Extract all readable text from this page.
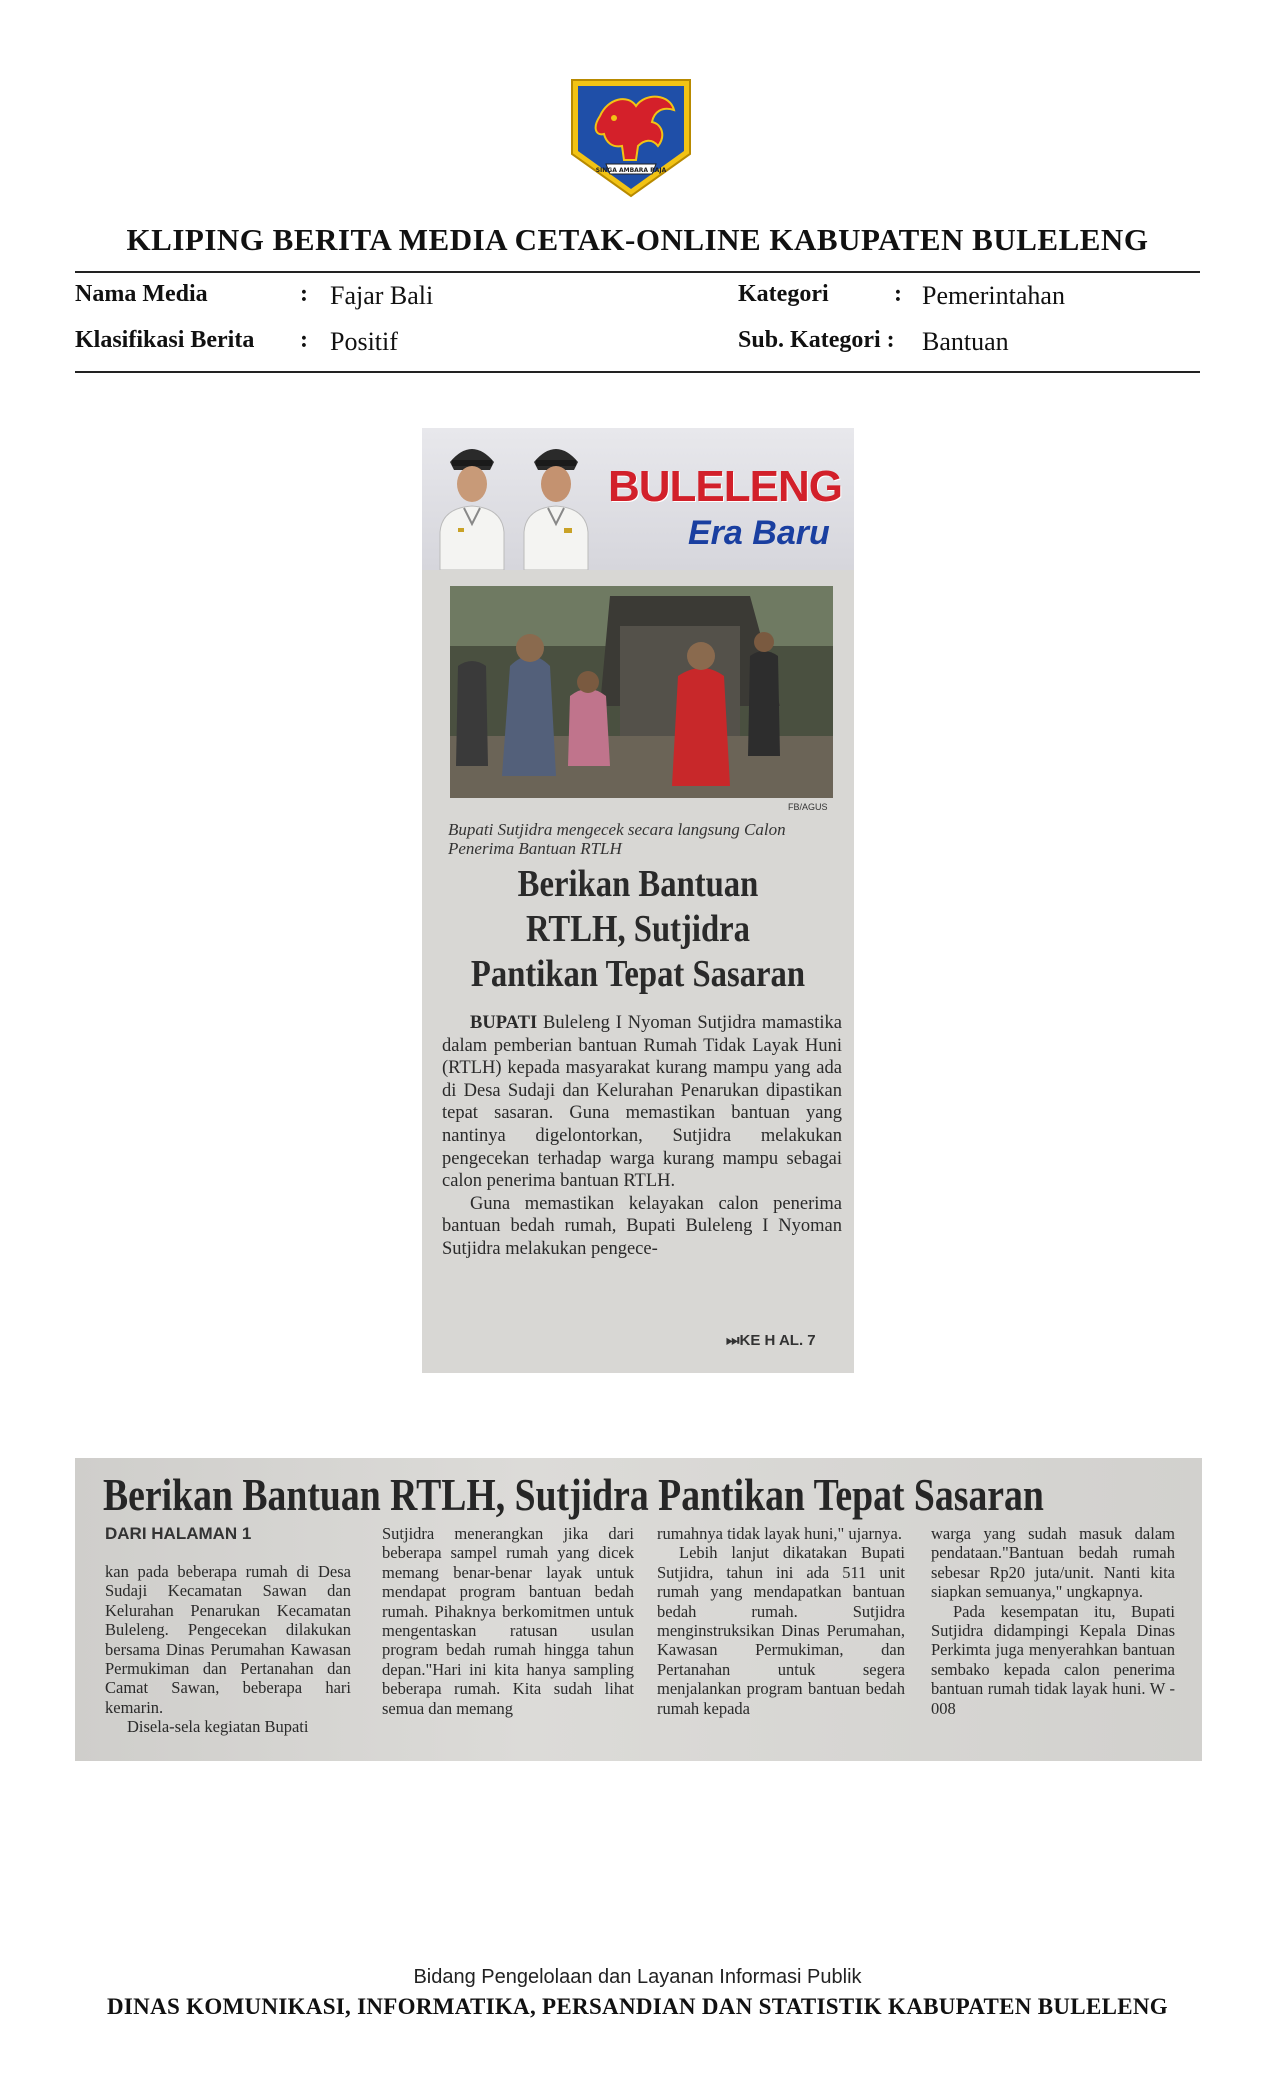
SINGA AMBARA RAJA
KLIPING BERITA MEDIA CETAK-ONLINE KABUPATEN BULELENG
Nama Media	: Fajar Bali	Kategori	: Pemerintahan
Klasifikasi Berita : Positif	Sub. Kategori : Bantuan
BULELENG
Era Baru
FB/AGUS
Bupati Sutjidra mengecek secara langsung Calon Penerima Bantuan RTLH
Berikan Bantuan RTLH, Sutjidra Pantikan Tepat Sasaran

BUPATI Buleleng I Nyoman Sutjidra mamastika dalam pemberian bantuan Rumah Tidak Layak Huni (RTLH) kepada masyarakat kurang mampu yang ada di Desa Sudaji dan Kelurahan Penarukan dipastikan tepat sasaran. Guna memastikan bantuan yang nantinya digelontorkan, Sutjidra melakukan pengecekan terhadap warga kurang mampu sebagai calon penerima bantuan RTLH.

Guna memastikan kelayakan calon penerima bantuan bedah rumah, Bupati Buleleng I Nyoman Sutjidra melakukan pengece-

⏭KE H AL. 7
Berikan Bantuan RTLH, Sutjidra Pantikan Tepat Sasaran
DARI HALAMAN 1

kan pada beberapa rumah di Desa Sudaji Kecamatan Sawan dan Kelurahan Penarukan Kecamatan Buleleng. Pengecekan dilakukan bersama Dinas Perumahan Kawasan Permukiman dan Pertanahan dan Camat Sawan, beberapa hari kemarin.

Disela-sela kegiatan Bupati

Sutjidra menerangkan jika dari beberapa sampel rumah yang dicek memang benar-benar layak untuk mendapat program bantuan bedah rumah. Pihaknya berkomitmen untuk mengentaskan ratusan usulan program bedah rumah hingga tahun depan."Hari ini kita hanya sampling beberapa rumah. Kita sudah lihat semua dan memang

rumahnya tidak layak huni," ujarnya.

Lebih lanjut dikatakan Bupati Sutjidra, tahun ini ada 511 unit rumah yang mendapatkan bantuan bedah rumah. Sutjidra menginstruksikan Dinas Perumahan, Kawasan Permukiman, dan Pertanahan untuk segera menjalankan program bantuan bedah rumah kepada

warga yang sudah masuk dalam pendataan."Bantuan bedah rumah sebesar Rp20 juta/unit. Nanti kita siapkan semuanya," ungkapnya.

Pada kesempatan itu, Bupati Sutjidra didampingi Kepala Dinas Perkimta juga menyerahkan bantuan sembako kepada calon penerima bantuan rumah tidak layak huni. W - 008

Bidang Pengelolaan dan Layanan Informasi Publik
DINAS KOMUNIKASI, INFORMATIKA, PERSANDIAN DAN STATISTIK KABUPATEN BULELENG
